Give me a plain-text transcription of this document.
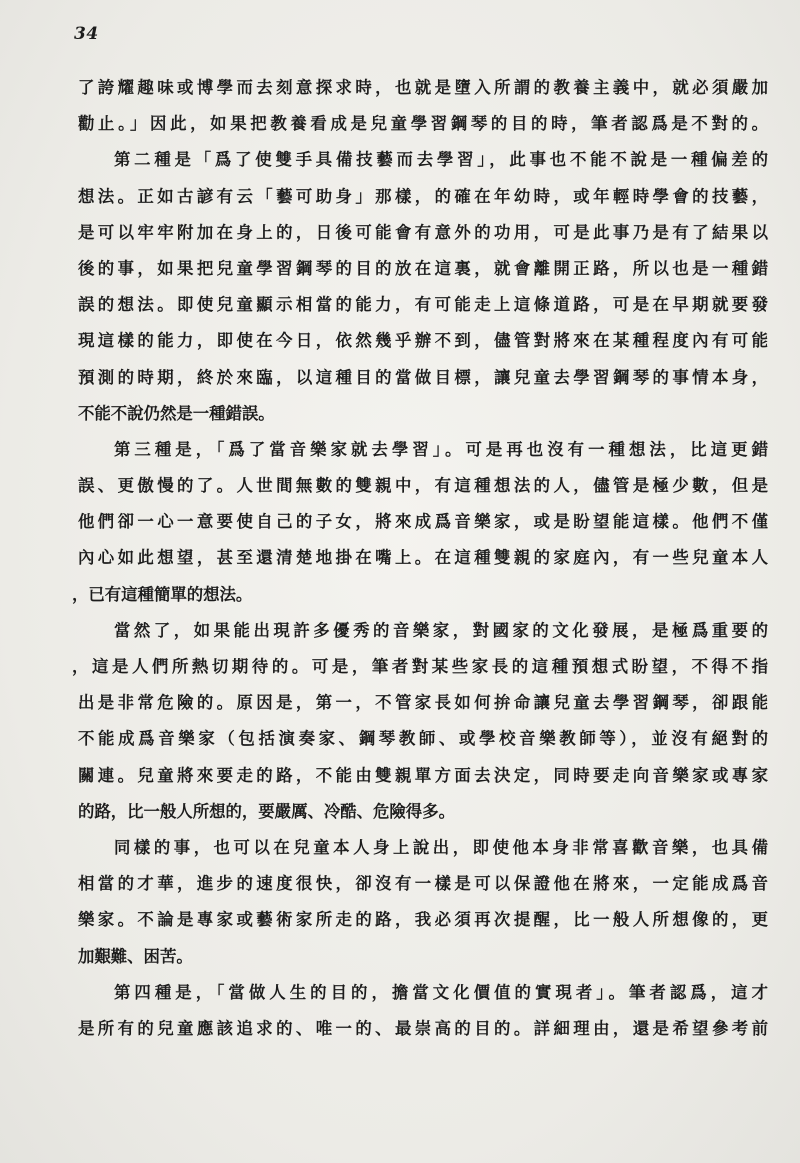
34
了誇耀趣味或博學而去刻意探求時，也就是墮入所謂的教養主義中，就必須嚴加
勸止。」因此，如果把教養看成是兒童學習鋼琴的目的時，筆者認爲是不對的。
第二種是「爲了使雙手具備技藝而去學習」，此事也不能不說是一種偏差的
想法。正如古諺有云「藝可助身」那樣，的確在年幼時，或年輕時學會的技藝，
是可以牢牢附加在身上的，日後可能會有意外的功用，可是此事乃是有了結果以
後的事，如果把兒童學習鋼琴的目的放在這裏，就會離開正路，所以也是一種錯
誤的想法。即使兒童顯示相當的能力，有可能走上這條道路，可是在早期就要發
現這樣的能力，即使在今日，依然幾乎辦不到，儘管對將來在某種程度內有可能
預測的時期，終於來臨，以這種目的當做目標，讓兒童去學習鋼琴的事情本身，
不能不說仍然是一種錯誤。
第三種是，「爲了當音樂家就去學習」。可是再也沒有一種想法，比這更錯
誤、更傲慢的了。人世間無數的雙親中，有這種想法的人，儘管是極少數，但是
他們卻一心一意要使自己的子女，將來成爲音樂家，或是盼望能這樣。他們不僅
內心如此想望，甚至還清楚地掛在嘴上。在這種雙親的家庭內，有一些兒童本人
，已有這種簡單的想法。
當然了，如果能出現許多優秀的音樂家，對國家的文化發展，是極爲重要的
，這是人們所熱切期待的。可是，筆者對某些家長的這種預想式盼望，不得不指
出是非常危險的。原因是，第一，不管家長如何拚命讓兒童去學習鋼琴，卻跟能
不能成爲音樂家（包括演奏家、鋼琴教師、或學校音樂教師等），並沒有絕對的
關連。兒童將來要走的路，不能由雙親單方面去決定，同時要走向音樂家或專家
的路，比一般人所想的，要嚴厲、冷酷、危險得多。
同樣的事，也可以在兒童本人身上說出，即使他本身非常喜歡音樂，也具備
相當的才華，進步的速度很快，卻沒有一樣是可以保證他在將來，一定能成爲音
樂家。不論是專家或藝術家所走的路，我必須再次提醒，比一般人所想像的，更
加艱難、困苦。
第四種是，「當做人生的目的，擔當文化價值的實現者」。筆者認爲，這才
是所有的兒童應該追求的、唯一的、最崇高的目的。詳細理由，還是希望參考前
